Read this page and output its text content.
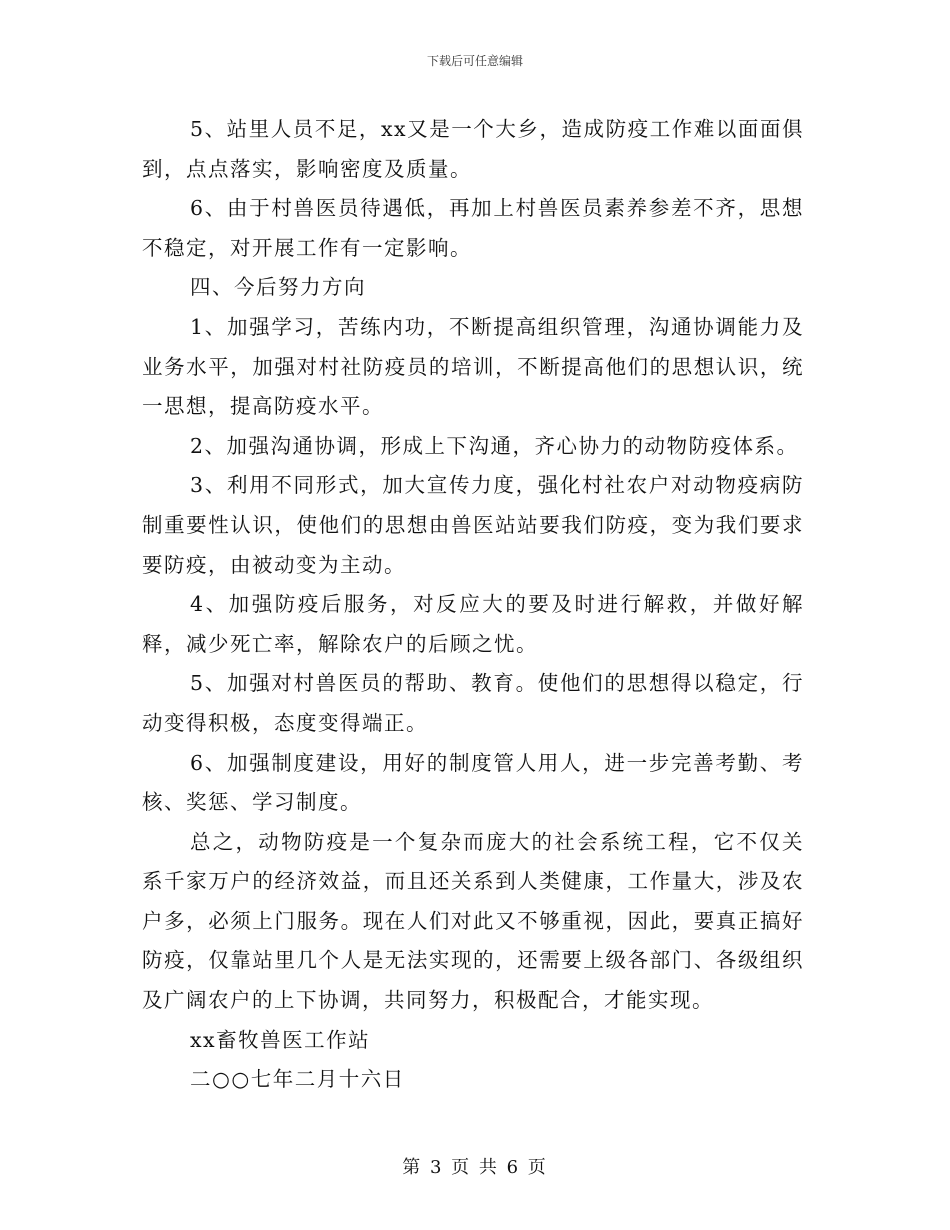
下载后可任意编辑

5、站里人员不足，xx又是一个大乡，造成防疫工作难以面面俱到，点点落实，影响密度及质量。

6、由于村兽医员待遇低，再加上村兽医员素养参差不齐，思想不稳定，对开展工作有一定影响。

四、今后努力方向

1、加强学习，苦练内功，不断提高组织管理，沟通协调能力及业务水平，加强对村社防疫员的培训，不断提高他们的思想认识，统一思想，提高防疫水平。

2、加强沟通协调，形成上下沟通，齐心协力的动物防疫体系。

3、利用不同形式，加大宣传力度，强化村社农户对动物疫病防制重要性认识，使他们的思想由兽医站站要我们防疫，变为我们要求要防疫，由被动变为主动。

4、加强防疫后服务，对反应大的要及时进行解救，并做好解释，减少死亡率，解除农户的后顾之忧。

5、加强对村兽医员的帮助、教育。使他们的思想得以稳定，行动变得积极，态度变得端正。

6、加强制度建设，用好的制度管人用人，进一步完善考勤、考核、奖惩、学习制度。

总之，动物防疫是一个复杂而庞大的社会系统工程，它不仅关系千家万户的经济效益，而且还关系到人类健康，工作量大，涉及农户多，必须上门服务。现在人们对此又不够重视，因此，要真正搞好防疫，仅靠站里几个人是无法实现的，还需要上级各部门、各级组织及广阔农户的上下协调，共同努力，积极配合，才能实现。

xx畜牧兽医工作站

二○○七年二月十六日

第 3 页 共 6 页
